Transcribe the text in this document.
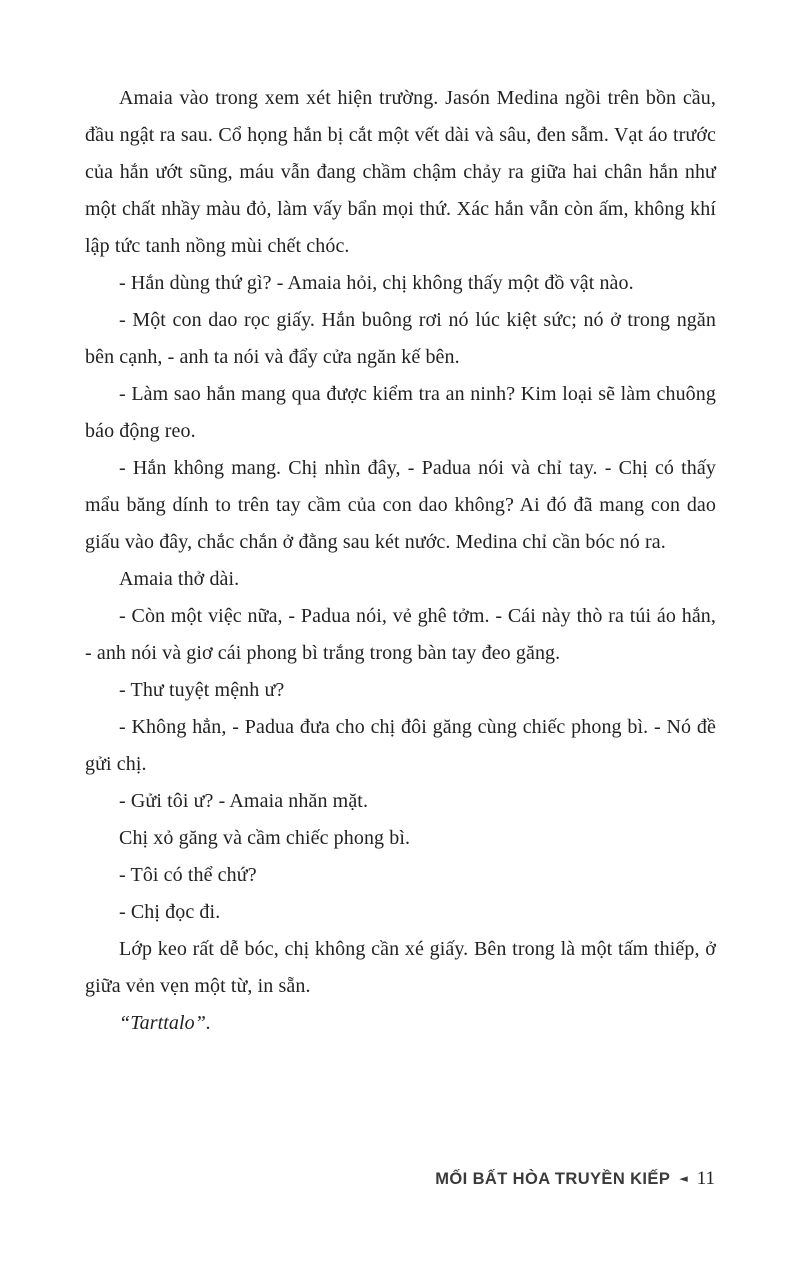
Amaia vào trong xem xét hiện trường. Jasón Medina ngồi trên bồn cầu, đầu ngật ra sau. Cổ họng hắn bị cắt một vết dài và sâu, đen sẫm. Vạt áo trước của hắn ướt sũng, máu vẫn đang chầm chậm chảy ra giữa hai chân hắn như một chất nhầy màu đỏ, làm vấy bẩn mọi thứ. Xác hắn vẫn còn ấm, không khí lập tức tanh nồng mùi chết chóc.

- Hắn dùng thứ gì? - Amaia hỏi, chị không thấy một đồ vật nào.

- Một con dao rọc giấy. Hắn buông rơi nó lúc kiệt sức; nó ở trong ngăn bên cạnh, - anh ta nói và đẩy cửa ngăn kế bên.

- Làm sao hắn mang qua được kiểm tra an ninh? Kim loại sẽ làm chuông báo động reo.

- Hắn không mang. Chị nhìn đây, - Padua nói và chỉ tay. - Chị có thấy mẩu băng dính to trên tay cầm của con dao không? Ai đó đã mang con dao giấu vào đây, chắc chắn ở đằng sau két nước. Medina chỉ cần bóc nó ra.

Amaia thở dài.

- Còn một việc nữa, - Padua nói, vẻ ghê tởm. - Cái này thò ra túi áo hắn, - anh nói và giơ cái phong bì trắng trong bàn tay đeo găng.

- Thư tuyệt mệnh ư?

- Không hẳn, - Padua đưa cho chị đôi găng cùng chiếc phong bì. - Nó đề gửi chị.

- Gửi tôi ư? - Amaia nhăn mặt.

Chị xỏ găng và cầm chiếc phong bì.

- Tôi có thể chứ?

- Chị đọc đi.

Lớp keo rất dễ bóc, chị không cần xé giấy. Bên trong là một tấm thiếp, ở giữa vẻn vẹn một từ, in sẵn.

“Tarttalo”.

MỐI BẤT HÒA TRUYỀN KIẾP ◄ 11
